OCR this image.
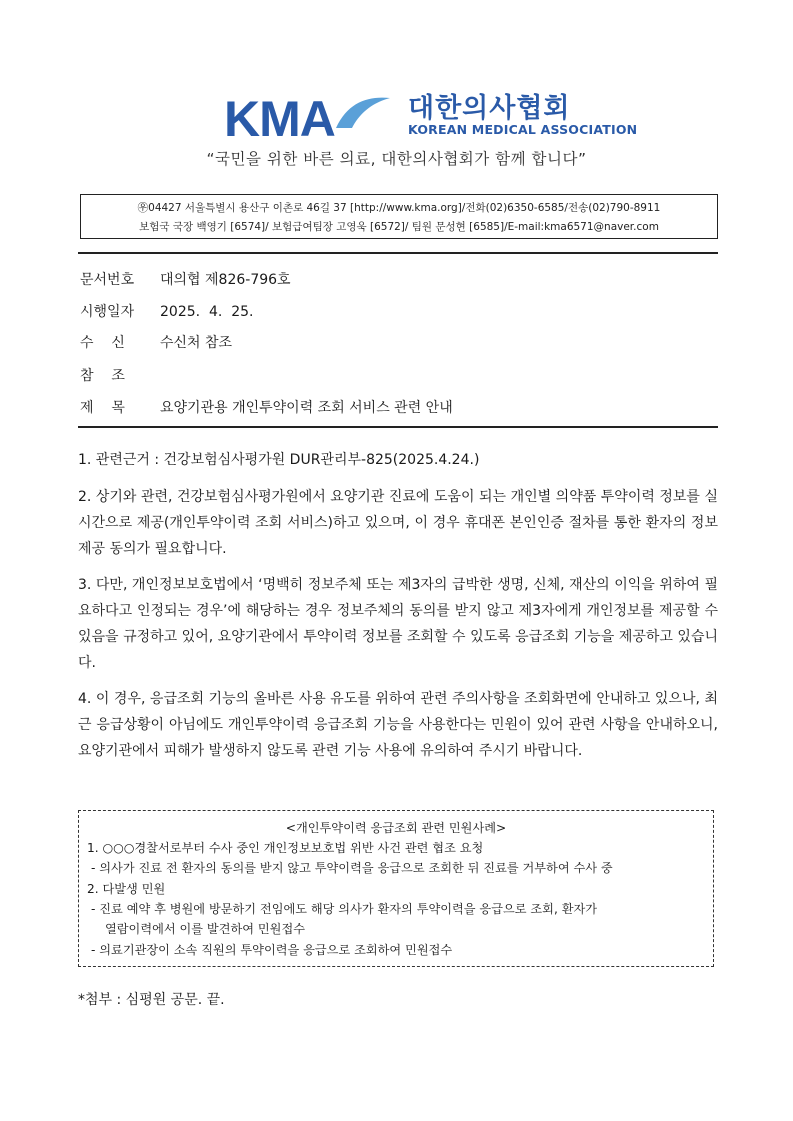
KMA	대한의사협회
KOREAN MEDICAL ASSOCIATION
“국민을 위한 바른 의료, 대한의사협회가 함께 합니다”
㉾04427 서울특별시 용산구 이촌로 46길 37 [http://www.kma.org]/전화(02)6350-6585/전송(02)790-8911
보험국 국장 백영기 [6574]/ 보험급여팀장 고영욱 [6572]/ 팀원 문성현 [6585]/E-mail:kma6571@naver.com
문서번호 대의협 제826-796호
시행일자 2025.  4.  25.
수    신	수신처 참조
참    조
제    목	요양기관용 개인투약이력 조회 서비스 관련 안내
1. 관련근거 : 건강보험심사평가원 DUR관리부-825(2025.4.24.)
2. 상기와 관련, 건강보험심사평가원에서 요양기관 진료에 도움이 되는 개인별 의약품 투약이력 정보를 실시간으로 제공(개인투약이력 조회 서비스)하고 있으며, 이 경우 휴대폰 본인인증 절차를 통한 환자의 정보제공 동의가 필요합니다.
3. 다만, 개인정보보호법에서 ‘명백히 정보주체 또는 제3자의 급박한 생명, 신체, 재산의 이익을 위하여 필요하다고 인정되는 경우’에 해당하는 경우 정보주체의 동의를 받지 않고 제3자에게 개인정보를 제공할 수 있음을 규정하고 있어, 요양기관에서 투약이력 정보를 조회할 수 있도록 응급조회 기능을 제공하고 있습니다.
4. 이 경우, 응급조회 기능의 올바른 사용 유도를 위하여 관련 주의사항을 조회화면에 안내하고 있으나, 최근 응급상황이 아님에도 개인투약이력 응급조회 기능을 사용한다는 민원이 있어 관련 사항을 안내하오니, 요양기관에서 피해가 발생하지 않도록 관련 기능 사용에 유의하여 주시기 바랍니다.
<개인투약이력 응급조회 관련 민원사례>
1. ○○○경찰서로부터 수사 중인 개인정보보호법 위반 사건 관련 협조 요청
- 의사가 진료 전 환자의 동의를 받지 않고 투약이력을 응급으로 조회한 뒤 진료를 거부하여 수사 중
2. 다발생 민원
- 진료 예약 후 병원에 방문하기 전임에도 해당 의사가 환자의 투약이력을 응급으로 조회, 환자가
열람이력에서 이를 발견하여 민원접수
- 의료기관장이 소속 직원의 투약이력을 응급으로 조회하여 민원접수
*첨부 : 심평원 공문. 끝.
